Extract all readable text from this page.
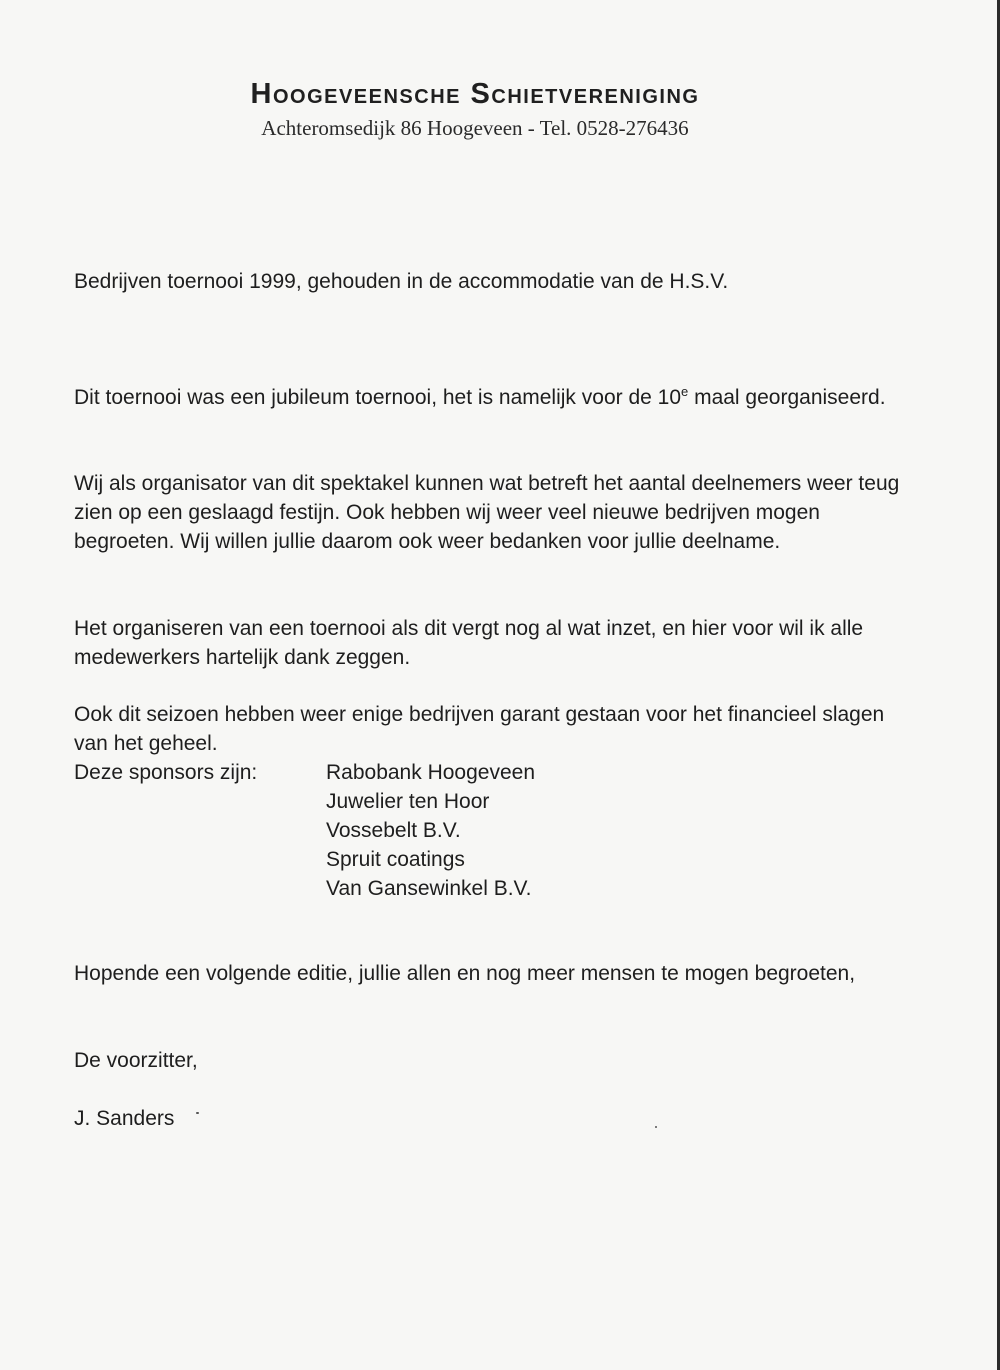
Hoogeveensche Schietvereniging
Achteromsedijk 86 Hoogeveen - Tel. 0528-276436

Bedrijven toernooi 1999, gehouden in de accommodatie van de H.S.V.

Dit toernooi was een jubileum toernooi, het is namelijk voor de 10e maal georganiseerd.

Wij als organisator van dit spektakel kunnen wat betreft het aantal deelnemers weer teug zien op een geslaagd festijn. Ook hebben wij weer veel nieuwe bedrijven mogen begroeten. Wij willen jullie daarom ook weer bedanken voor jullie deelname.

Het organiseren van een toernooi als dit vergt nog al wat inzet, en hier voor wil ik alle medewerkers hartelijk dank zeggen.

Ook dit seizoen hebben weer enige bedrijven garant gestaan voor het financieel slagen van het geheel.

Deze sponsors zijn:	Rabobank Hoogeveen
Juwelier ten Hoor
Vossebelt B.V.
Spruit coatings
Van Gansewinkel B.V.

Hopende een volgende editie, jullie allen en nog meer mensen te mogen begroeten,

De voorzitter,

J. Sanders
